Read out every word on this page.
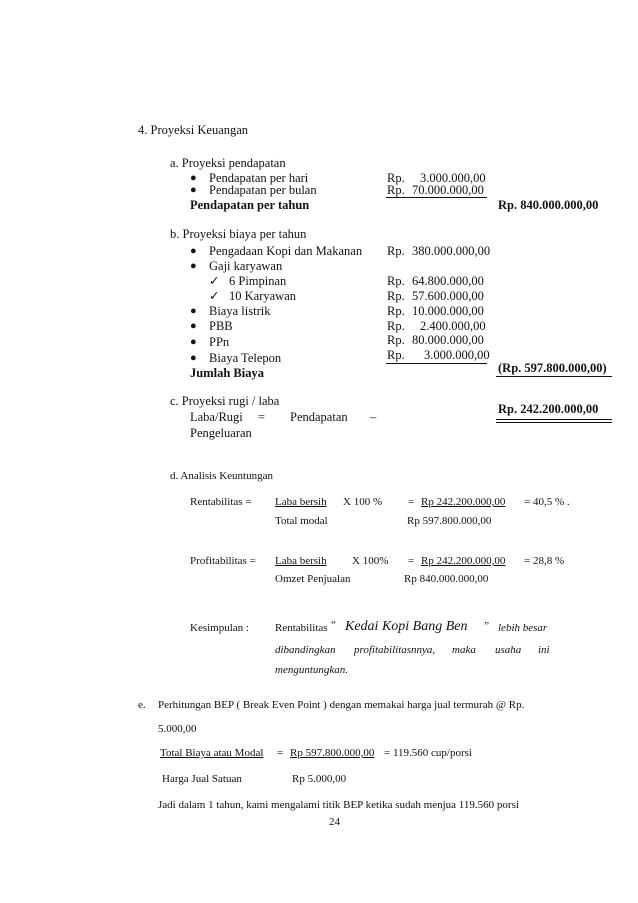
4. Proyeksi Keuangan
a. Proyeksi pendapatan
● Pendapatan per hari	Rp. 3.000.000,00
● Pendapatan per bulan	Rp. 70.000.000,00
Pendapatan per tahun	Rp. 840.000.000,00
b. Proyeksi biaya per tahun
● Pengadaan Kopi dan Makanan Rp. 380.000.000,00
● Gaji karyawan
✓ 6 Pimpinan	Rp. 64.800.000,00
✓ 10 Karyawan	Rp. 57.600.000,00
● Biaya listrik	Rp. 10.000.000,00
● PBB	Rp. 2.400.000,00
● PPn	Rp. 80.000.000,00
● Biaya Telepon	Rp. 3.000.000,00
Jumlah Biaya	(Rp. 597.800.000,00)
c. Proyeksi rugi / laba
Laba/Rugi = Pendapatan –
Pengeluaran
Rp. 242.200.000,00
d. Analisis Keuntungan
Rentabilitas = Laba bersih X 100 % = Rp 242.200.000,00 = 40,5 % .
Total modal	Rp 597.800.000,00
Profitabilitas = Laba bersih X 100% = Rp 242.200.000,00 = 28,8 %
Omzet Penjualan	Rp 840.000.000,00
Kesimpulan : Rentabilitas “ Kedai Kopi Bang Ben ” lebih besar
dibandingkan profitabilitasnnya, maka usaha ini
menguntungkan.
e. Perhitungan BEP ( Break Even Point ) dengan memakai harga jual termurah @ Rp.
5.000,00
Total Biaya atau Modal = Rp 597.800.000,00 = 119.560 cup/porsi
Harga Jual Satuan	Rp 5.000,00
Jadi dalam 1 tahun, kami mengalami titik BEP ketika sudah menjua 119.560 porsi
24
